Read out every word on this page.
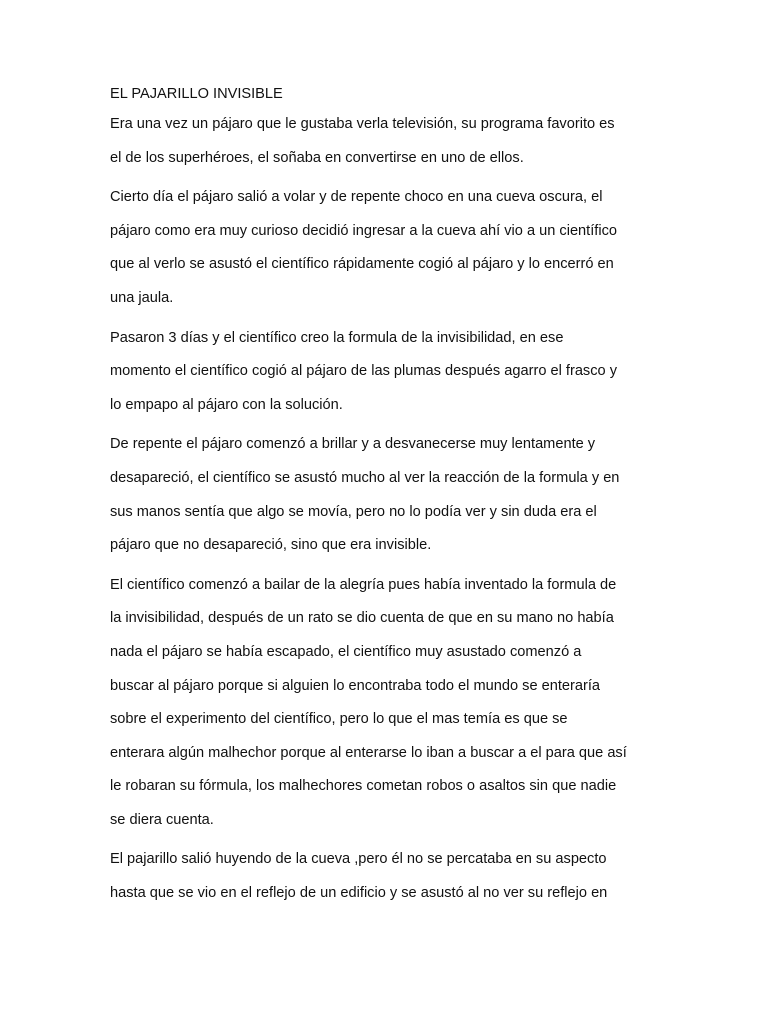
EL PAJARILLO INVISIBLE
Era una vez un pájaro que le gustaba verla televisión, su programa favorito es
el de los superhéroes, el soñaba en convertirse en uno de ellos.
Cierto día el pájaro salió a volar y de repente choco en una cueva oscura, el
pájaro como era muy curioso decidió ingresar a la cueva ahí vio a un científico
que al verlo se asustó el científico rápidamente cogió al pájaro y lo encerró en
una jaula.
Pasaron 3 días y el científico creo la formula de la invisibilidad, en ese
momento el científico cogió al pájaro de las plumas después agarro el frasco y
lo empapo al pájaro con la solución.
De repente el pájaro comenzó a brillar y a desvanecerse muy lentamente y
desapareció, el científico se asustó mucho al ver la reacción de la formula y en
sus manos sentía que algo se movía, pero no lo podía ver y sin duda era el
pájaro que no desapareció, sino que era invisible.
El científico comenzó a bailar de la alegría pues había inventado la formula de
la invisibilidad, después de un rato se dio cuenta de que en su mano no había
nada el pájaro se había escapado, el científico muy asustado comenzó a
buscar al pájaro porque si alguien lo encontraba todo el mundo se enteraría
sobre el experimento del científico, pero lo que el mas temía es que se
enterara algún malhechor porque al enterarse lo iban a buscar a el para que así
le robaran su fórmula, los malhechores cometan robos o asaltos sin que nadie
se diera cuenta.
El pajarillo salió huyendo de la cueva ,pero él no se percataba en su aspecto
hasta que se vio en el reflejo de un edificio y se asustó al no ver su reflejo en
